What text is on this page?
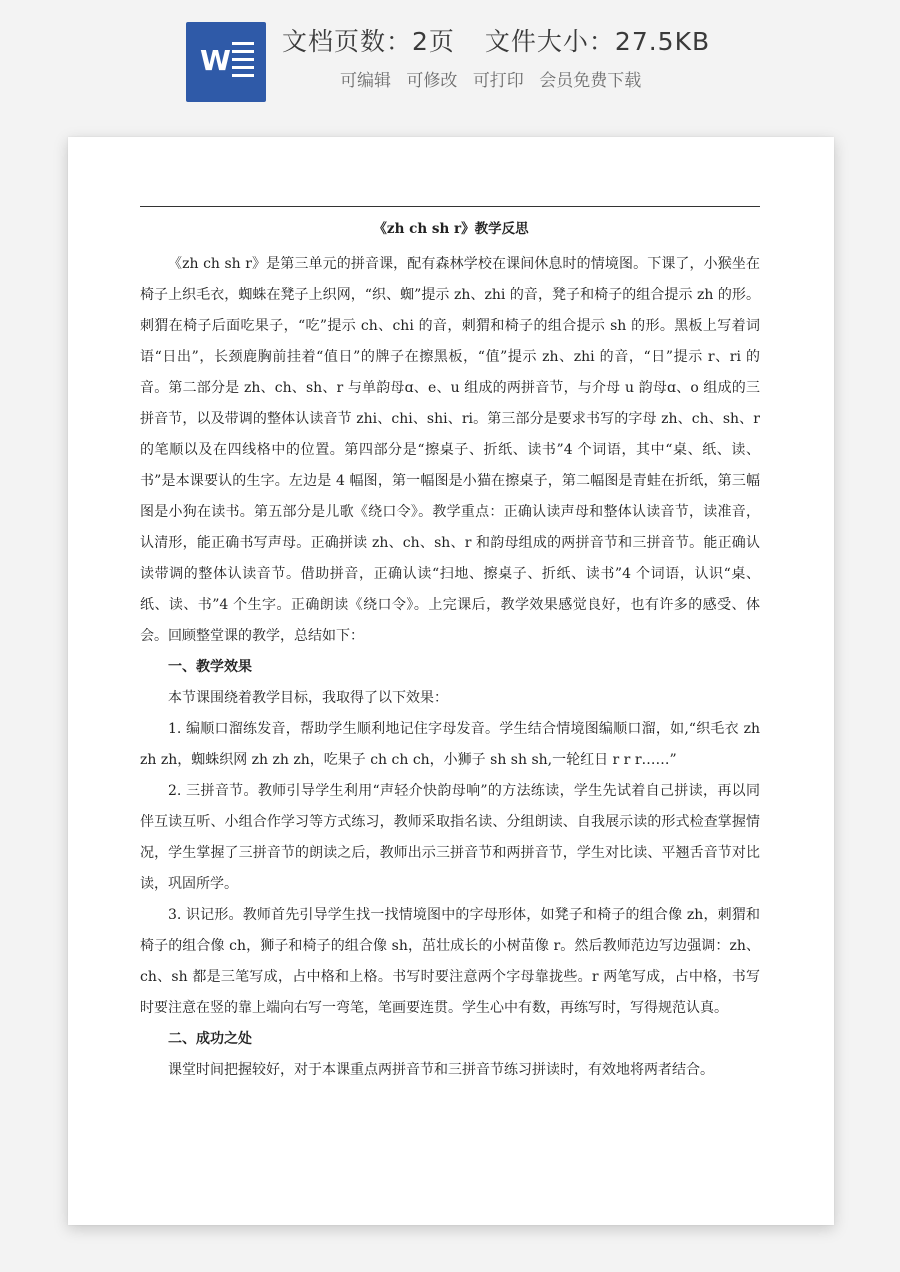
W
文档页数：2页 文件大小：27.5KB
可编辑 可修改 可打印 会员免费下载
《zh ch sh r》教学反思

《zh ch sh r》是第三单元的拼音课，配有森林学校在课间休息时的情境图。下课了，小猴坐在椅子上织毛衣，蜘蛛在凳子上织网，“织、蜘”提示 zh、zhi 的音，凳子和椅子的组合提示 zh 的形。刺猬在椅子后面吃果子，“吃”提示 ch、chi 的音，刺猬和椅子的组合提示 sh 的形。黑板上写着词语“日出”，长颈鹿胸前挂着“值日”的牌子在擦黑板，“值”提示 zh、zhi 的音，“日”提示 r、ri 的音。第二部分是 zh、ch、sh、r 与单韵母ɑ、e、u 组成的两拼音节，与介母 u 韵母ɑ、o 组成的三拼音节，以及带调的整体认读音节 zhi、chi、shi、ri。第三部分是要求书写的字母 zh、ch、sh、r 的笔顺以及在四线格中的位置。第四部分是“擦桌子、折纸、读书”4 个词语，其中“桌、纸、读、书”是本课要认的生字。左边是 4 幅图，第一幅图是小猫在擦桌子，第二幅图是青蛙在折纸，第三幅图是小狗在读书。第五部分是儿歌《绕口令》。教学重点：正确认读声母和整体认读音节，读准音，认清形，能正确书写声母。正确拼读 zh、ch、sh、r 和韵母组成的两拼音节和三拼音节。能正确认读带调的整体认读音节。借助拼音，正确认读“扫地、擦桌子、折纸、读书”4 个词语，认识“桌、纸、读、书”4 个生字。正确朗读《绕口令》。上完课后，教学效果感觉良好，也有许多的感受、体会。回顾整堂课的教学，总结如下：

一、教学效果

本节课围绕着教学目标，我取得了以下效果：

1. 编顺口溜练发音，帮助学生顺利地记住字母发音。学生结合情境图编顺口溜，如,“织毛衣 zh zh zh，蜘蛛织网 zh zh zh，吃果子 ch ch ch，小狮子 sh sh sh,一轮红日 r r r……”

2. 三拼音节。教师引导学生利用“声轻介快韵母响”的方法练读，学生先试着自己拼读，再以同伴互读互听、小组合作学习等方式练习，教师采取指名读、分组朗读、自我展示读的形式检查掌握情况，学生掌握了三拼音节的朗读之后，教师出示三拼音节和两拼音节，学生对比读、平翘舌音节对比读，巩固所学。

3. 识记形。教师首先引导学生找一找情境图中的字母形体，如凳子和椅子的组合像 zh，刺猬和椅子的组合像 ch，狮子和椅子的组合像 sh，茁壮成长的小树苗像 r。然后教师范边写边强调：zh、ch、sh 都是三笔写成，占中格和上格。书写时要注意两个字母靠拢些。r 两笔写成，占中格，书写时要注意在竖的靠上端向右写一弯笔，笔画要连贯。学生心中有数，再练写时，写得规范认真。

二、成功之处

课堂时间把握较好，对于本课重点两拼音节和三拼音节练习拼读时，有效地将两者结合。
